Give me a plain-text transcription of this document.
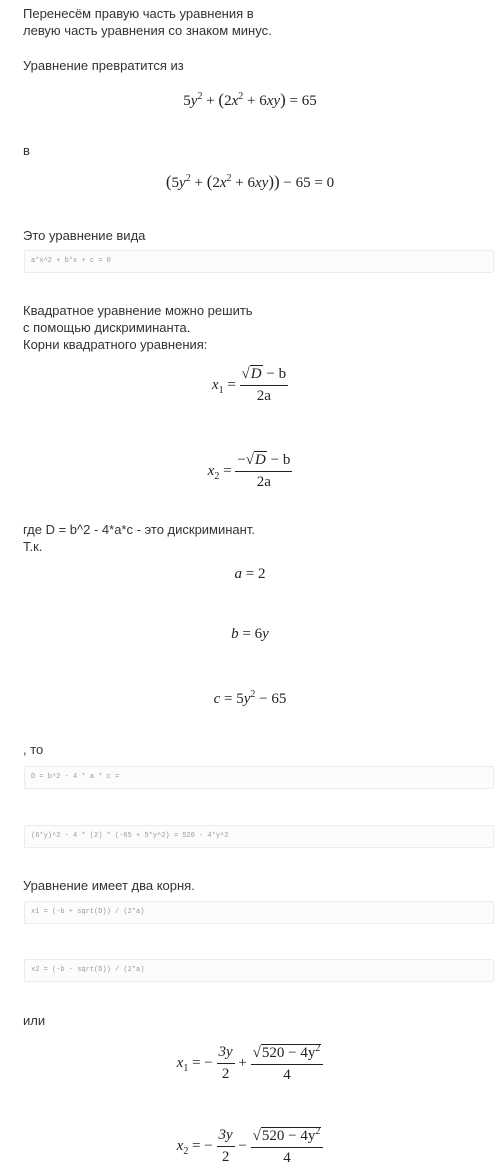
Перенесём правую часть уравнения в
левую часть уравнения со знаком минус.
Уравнение превратится из
$5y^2 + (2x^2 + 6xy) = 65$
в
$(5y^2 + (2x^2 + 6xy)) - 65 = 0$
Это уравнение вида
a*x^2 + b*x + c = 0
Квадратное уравнение можно решить
с помощью дискриминанта.
Корни квадратного уравнения:
$x_1 = \frac{√D - b}{2a}$
$x_2 = \frac{-√D - b}{2a}$
где D = b^2 - 4*a*c - это дискриминант.
Т.к.
a = 2
b = 6y
$c = 5y^2 - 65$
, то
D = b^2 - 4 * a * c =
(6*y)^2 - 4 * (2) * (-65 + 5*y^2) = 520 - 4*y^2
Уравнение имеет два корня.
x1 = (-b + sqrt(D)) / (2*a)
x2 = (-b - sqrt(D)) / (2*a)
или
$x_1$ = − $\frac{3y}{2} + \frac{√520 - 4y^2}{4}$
$x_2$ = − $\frac{3y}{2} - \frac{√520 - 4y^2}{4}$
